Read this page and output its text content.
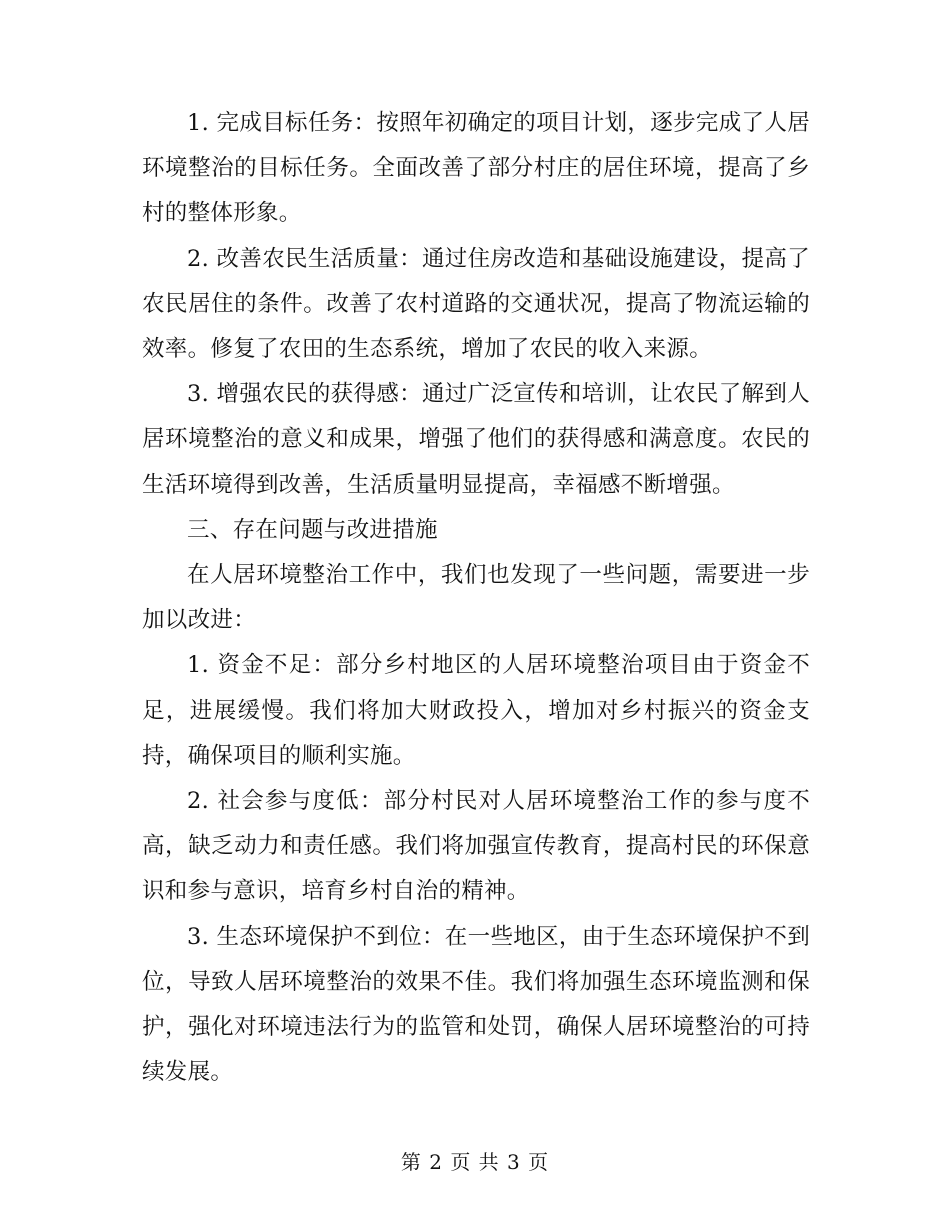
1. 完成目标任务：按照年初确定的项目计划，逐步完成了人居环境整治的目标任务。全面改善了部分村庄的居住环境，提高了乡村的整体形象。

2. 改善农民生活质量：通过住房改造和基础设施建设，提高了农民居住的条件。改善了农村道路的交通状况，提高了物流运输的效率。修复了农田的生态系统，增加了农民的收入来源。

3. 增强农民的获得感：通过广泛宣传和培训，让农民了解到人居环境整治的意义和成果，增强了他们的获得感和满意度。农民的生活环境得到改善，生活质量明显提高，幸福感不断增强。

三、存在问题与改进措施

在人居环境整治工作中，我们也发现了一些问题，需要进一步加以改进：

1. 资金不足：部分乡村地区的人居环境整治项目由于资金不足，进展缓慢。我们将加大财政投入，增加对乡村振兴的资金支持，确保项目的顺利实施。

2. 社会参与度低：部分村民对人居环境整治工作的参与度不高，缺乏动力和责任感。我们将加强宣传教育，提高村民的环保意识和参与意识，培育乡村自治的精神。

3. 生态环境保护不到位：在一些地区，由于生态环境保护不到位，导致人居环境整治的效果不佳。我们将加强生态环境监测和保护，强化对环境违法行为的监管和处罚，确保人居环境整治的可持续发展。

第 2 页 共 3 页
